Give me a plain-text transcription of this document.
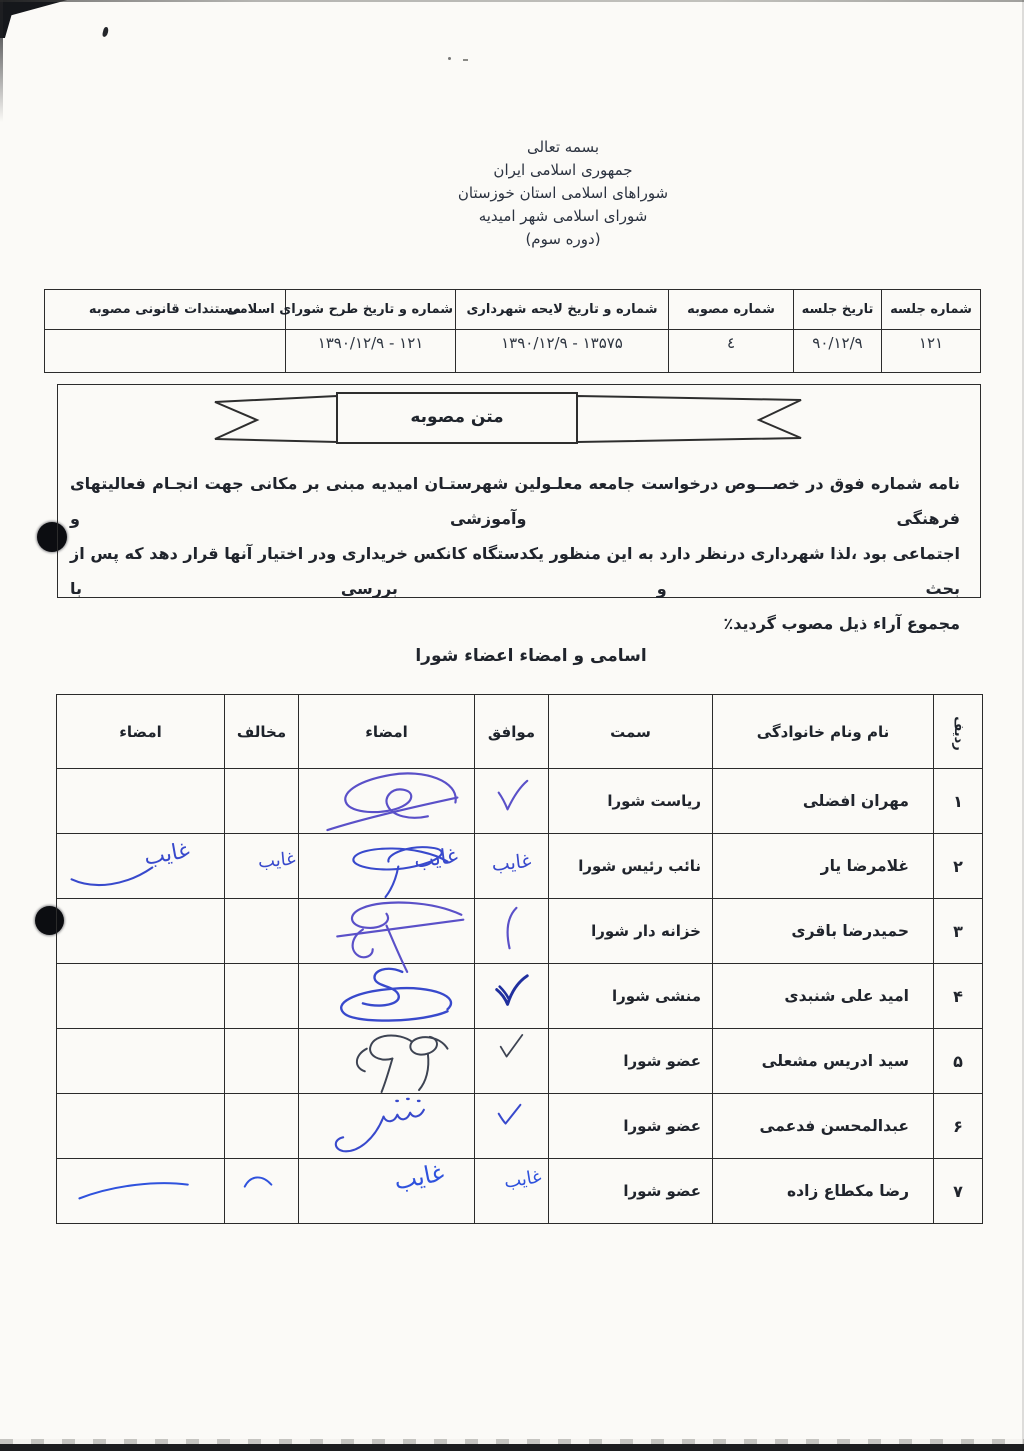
بسمه تعالی
جمهوری اسلامی ایران
شوراهای اسلامی استان خوزستان
شورای اسلامی شهر امیدیه
(دوره سوم)
شماره جلسه	تاریخ جلسه	شماره مصوبه	شماره و تاریخ لایحه شهرداری	شماره و تاریخ طرح شورای اسلامی	مستندات قانونی مصوبه
۱۲۱	۹۰/۱۲/۹	٤	۱۳۹۰/۱۲/۹ - ۱۳۵۷۵	۱۳۹۰/۱۲/۹ - ۱۲۱	
متن مصوبه
نامه شماره فوق در خصـــوص درخواست جامعه معلـولین شهرستـان امیدیه مبنی بر مکانی جهت انجـام فعالیتهای فرهنگی وآموزشی و
اجتماعی بود ،لذا شهرداری درنظر دارد به این منظور یکدستگاه کانکس خریداری ودر اختیار آنها قرار دهد که پس از بحث و بررسی با
مجموع آراء ذیل مصوب گردید٪
اسامی و امضاء اعضاء شورا
ردیف	نام ونام خانوادگی	سمت	موافق	امضاء	مخالف	امضاء
۱	مهران افضلی	ریاست شورا	

۲	غلامرضا یار	نائب رئیس شورا	غایب	غایب	غایب	غایب

۳	حمیدرضا باقری	خزانه دار شورا	

۴	امید علی شنبدی	منشی شورا	

۵	سید ادریس مشعلی	عضو شورا	

۶	عبدالمحسن فدعمی	عضو شورا	

۷	رضا مکطاع زاده	عضو شورا	غایب	غایب
